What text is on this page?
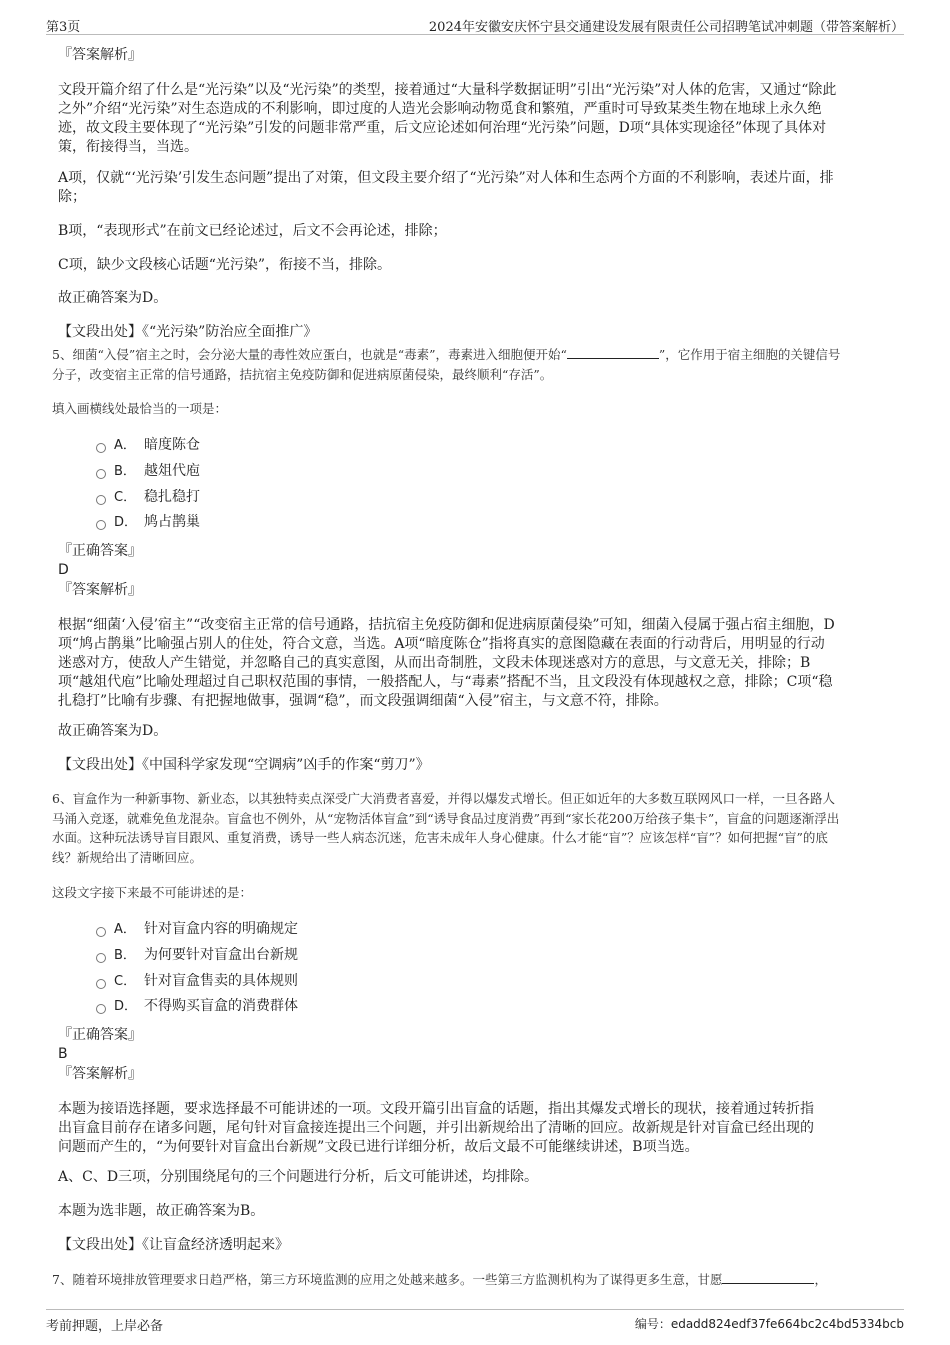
第3页	2024年安徽安庆怀宁县交通建设发展有限责任公司招聘笔试冲刺题（带答案解析）
『答案解析』
文段开篇介绍了什么是“光污染”以及“光污染”的类型，接着通过“大量科学数据证明”引出“光污染”对人体的危害，又通过“除此
之外”介绍“光污染”对生态造成的不利影响，即过度的人造光会影响动物觅食和繁殖，严重时可导致某类生物在地球上永久绝
迹，故文段主要体现了“光污染”引发的问题非常严重，后文应论述如何治理“光污染”问题，D项“具体实现途径”体现了具体对
策，衔接得当，当选。
A项，仅就“‘光污染’引发生态问题”提出了对策，但文段主要介绍了“光污染”对人体和生态两个方面的不利影响，表述片面，排
除；
B项，“表现形式”在前文已经论述过，后文不会再论述，排除；
C项，缺少文段核心话题“光污染”，衔接不当，排除。
故正确答案为D。
【文段出处】《“光污染”防治应全面推广》
5、细菌“入侵”宿主之时，会分泌大量的毒性效应蛋白，也就是“毒素”，毒素进入细胞便开始“	”，它作用于宿主细胞的关键信号
分子，改变宿主正常的信号通路，拮抗宿主免疫防御和促进病原菌侵染，最终顺利“存活”。
填入画横线处最恰当的一项是：
A． 暗度陈仓
B． 越俎代庖
C． 稳扎稳打
D． 鸠占鹊巢
『正确答案』
D
『答案解析』
根据“细菌‘入侵’宿主”“改变宿主正常的信号通路，拮抗宿主免疫防御和促进病原菌侵染”可知，细菌入侵属于强占宿主细胞，D
项“鸠占鹊巢”比喻强占别人的住处，符合文意，当选。A项“暗度陈仓”指将真实的意图隐藏在表面的行动背后，用明显的行动
迷惑对方，使敌人产生错觉，并忽略自己的真实意图，从而出奇制胜，文段未体现迷惑对方的意思，与文意无关，排除；B
项“越俎代庖”比喻处理超过自己职权范围的事情，一般搭配人，与“毒素”搭配不当，且文段没有体现越权之意，排除；C项“稳
扎稳打”比喻有步骤、有把握地做事，强调“稳”，而文段强调细菌“入侵”宿主，与文意不符，排除。
故正确答案为D。
【文段出处】《中国科学家发现“空调病”凶手的作案“剪刀”》
6、盲盒作为一种新事物、新业态，以其独特卖点深受广大消费者喜爱，并得以爆发式增长。但正如近年的大多数互联网风口一样，一旦各路人
马涌入竞逐，就难免鱼龙混杂。盲盒也不例外，从“宠物活体盲盒”到“诱导食品过度消费”再到“家长花200万给孩子集卡”，盲盒的问题逐渐浮出
水面。这种玩法诱导盲目跟风、重复消费，诱导一些人病态沉迷，危害未成年人身心健康。什么才能“盲”？应该怎样“盲”？如何把握“盲”的底
线？新规给出了清晰回应。
这段文字接下来最不可能讲述的是：
A． 针对盲盒内容的明确规定
B． 为何要针对盲盒出台新规
C． 针对盲盒售卖的具体规则
D． 不得购买盲盒的消费群体
『正确答案』
B
『答案解析』
本题为接语选择题，要求选择最不可能讲述的一项。文段开篇引出盲盒的话题，指出其爆发式增长的现状，接着通过转折指
出盲盒目前存在诸多问题，尾句针对盲盒接连提出三个问题，并引出新规给出了清晰的回应。故新规是针对盲盒已经出现的
问题而产生的，“为何要针对盲盒出台新规”文段已进行详细分析，故后文最不可能继续讲述，B项当选。
A、C、D三项，分别围绕尾句的三个问题进行分析，后文可能讲述，均排除。
本题为选非题，故正确答案为B。
【文段出处】《让盲盒经济透明起来》
7、随着环境排放管理要求日趋严格，第三方环境监测的应用之处越来越多。一些第三方监测机构为了谋得更多生意，甘愿	，
考前押题，上岸必备	编号：edadd824edf37fe664bc2c4bd5334bcb
